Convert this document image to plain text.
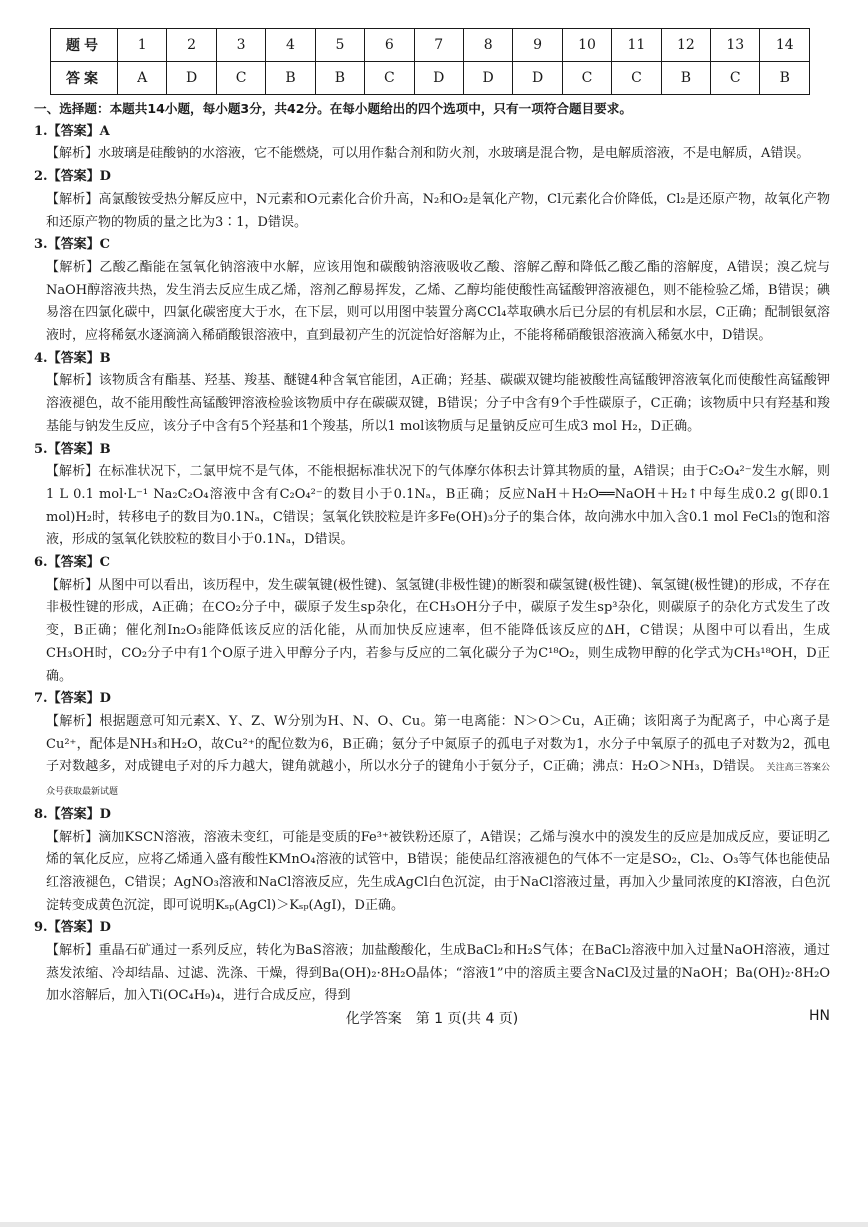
题号	1	2	3	4	5	6	7	8	9	10	11	12	13	14
答案	A	D	C	B	B	C	D	D	D	C	C	B	C	B

一、选择题：本题共14小题，每小题3分，共42分。在每小题给出的四个选项中，只有一项符合题目要求。

1.【答案】A

【解析】水玻璃是硅酸钠的水溶液，它不能燃烧，可以用作黏合剂和防火剂，水玻璃是混合物，是电解质溶液，不是电解质，A错误。

2.【答案】D

【解析】高氯酸铵受热分解反应中，N元素和O元素化合价升高，N₂和O₂是氧化产物，Cl元素化合价降低，Cl₂是还原产物，故氧化产物和还原产物的物质的量之比为3∶1，D错误。

3.【答案】C

【解析】乙酸乙酯能在氢氧化钠溶液中水解，应该用饱和碳酸钠溶液吸收乙酸、溶解乙醇和降低乙酸乙酯的溶解度，A错误；溴乙烷与NaOH醇溶液共热，发生消去反应生成乙烯，溶剂乙醇易挥发，乙烯、乙醇均能使酸性高锰酸钾溶液褪色，则不能检验乙烯，B错误；碘易溶在四氯化碳中，四氯化碳密度大于水，在下层，则可以用图中装置分离CCl₄萃取碘水后已分层的有机层和水层，C正确；配制银氨溶液时，应将稀氨水逐滴滴入稀硝酸银溶液中，直到最初产生的沉淀恰好溶解为止，不能将稀硝酸银溶液滴入稀氨水中，D错误。

4.【答案】B

【解析】该物质含有酯基、羟基、羧基、醚键4种含氧官能团，A正确；羟基、碳碳双键均能被酸性高锰酸钾溶液氧化而使酸性高锰酸钾溶液褪色，故不能用酸性高锰酸钾溶液检验该物质中存在碳碳双键，B错误；分子中含有9个手性碳原子，C正确；该物质中只有羟基和羧基能与钠发生反应，该分子中含有5个羟基和1个羧基，所以1 mol该物质与足量钠反应可生成3 mol H₂，D正确。

5.【答案】B

【解析】在标准状况下，二氯甲烷不是气体，不能根据标准状况下的气体摩尔体积去计算其物质的量，A错误；由于C₂O₄²⁻发生水解，则1 L 0.1 mol·L⁻¹ Na₂C₂O₄溶液中含有C₂O₄²⁻的数目小于0.1Nₐ，B正确；反应NaH＋H₂O══NaOH＋H₂↑中每生成0.2 g(即0.1 mol)H₂时，转移电子的数目为0.1Nₐ，C错误；氢氧化铁胶粒是许多Fe(OH)₃分子的集合体，故向沸水中加入含0.1 mol FeCl₃的饱和溶液，形成的氢氧化铁胶粒的数目小于0.1Nₐ，D错误。

6.【答案】C

【解析】从图中可以看出，该历程中，发生碳氧键(极性键)、氢氢键(非极性键)的断裂和碳氢键(极性键)、氧氢键(极性键)的形成，不存在非极性键的形成，A正确；在CO₂分子中，碳原子发生sp杂化，在CH₃OH分子中，碳原子发生sp³杂化，则碳原子的杂化方式发生了改变，B正确；催化剂In₂O₃能降低该反应的活化能，从而加快反应速率，但不能降低该反应的ΔH，C错误；从图中可以看出，生成CH₃OH时，CO₂分子中有1个O原子进入甲醇分子内，若参与反应的二氧化碳分子为C¹⁸O₂，则生成物甲醇的化学式为CH₃¹⁸OH，D正确。

7.【答案】D

【解析】根据题意可知元素X、Y、Z、W分别为H、N、O、Cu。第一电离能：N＞O＞Cu，A正确；该阳离子为配离子，中心离子是Cu²⁺，配体是NH₃和H₂O，故Cu²⁺的配位数为6，B正确；氨分子中氮原子的孤电子对数为1，水分子中氧原子的孤电子对数为2，孤电子对数越多，对成键电子对的斥力越大，键角就越小，所以水分子的键角小于氨分子，C正确；沸点：H₂O＞NH₃，D错误。 关注高三答案公众号获取最新试题

8.【答案】D

【解析】滴加KSCN溶液，溶液未变红，可能是变质的Fe³⁺被铁粉还原了，A错误；乙烯与溴水中的溴发生的反应是加成反应，要证明乙烯的氧化反应，应将乙烯通入盛有酸性KMnO₄溶液的试管中，B错误；能使品红溶液褪色的气体不一定是SO₂，Cl₂、O₃等气体也能使品红溶液褪色，C错误；AgNO₃溶液和NaCl溶液反应，先生成AgCl白色沉淀，由于NaCl溶液过量，再加入少量同浓度的KI溶液，白色沉淀转变成黄色沉淀，即可说明Kₛₚ(AgCl)＞Kₛₚ(AgI)，D正确。

9.【答案】D

【解析】重晶石矿通过一系列反应，转化为BaS溶液；加盐酸酸化，生成BaCl₂和H₂S气体；在BaCl₂溶液中加入过量NaOH溶液，通过蒸发浓缩、冷却结晶、过滤、洗涤、干燥，得到Ba(OH)₂·8H₂O晶体；“溶液1”中的溶质主要含NaCl及过量的NaOH；Ba(OH)₂·8H₂O加水溶解后，加入Ti(OC₄H₉)₄，进行合成反应，得到

化学答案　第 1 页(共 4 页)	HN
